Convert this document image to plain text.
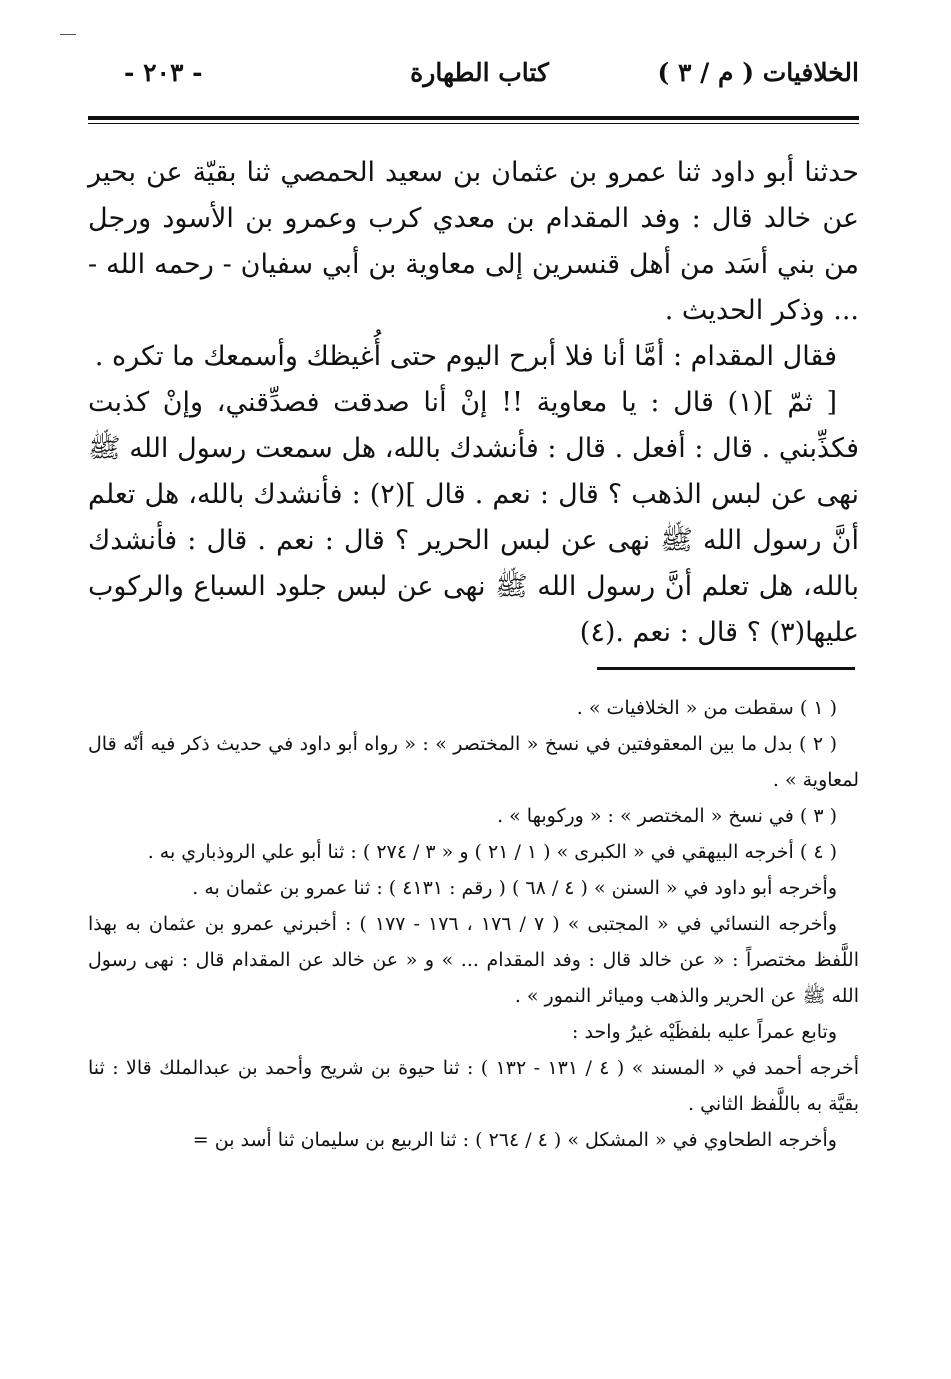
الخلافيات ( م / ٣ )
كتاب الطهارة
- ٢٠٣ -

حدثنا أبو داود ثنا عمرو بن عثمان بن سعيد الحمصي ثنا بقيّة عن بحير عن خالد قال : وفد المقدام بن معدي كرب وعمرو بن الأسود ورجل من بني أسَد من أهل قنسرين إلى معاوية بن أبي سفيان - رحمه الله - ... وذكر الحديث .

فقال المقدام : أمَّا أنا فلا أبرح اليوم حتى أُغيظك وأسمعك ما تكره .

[ ثمّ ](١) قال : يا معاوية !! إنْ أنا صدقت فصدِّقني، وإنْ كذبت فكذِّبني . قال : أفعل . قال : فأنشدك بالله، هل سمعت رسول الله ﷺ نهى عن لبس الذهب ؟ قال : نعم . قال ](٢) : فأنشدك بالله، هل تعلم أنَّ رسول الله ﷺ نهى عن لبس الحرير ؟ قال : نعم . قال : فأنشدك بالله، هل تعلم أنَّ رسول الله ﷺ نهى عن لبس جلود السباع والركوب عليها(٣) ؟ قال : نعم .(٤)

( ١ ) سقطت من « الخلافيات » .

( ٢ ) بدل ما بين المعقوفتين في نسخ « المختصر » : « رواه أبو داود في حديث ذكر فيه أنّه قال لمعاوية » .

( ٣ ) في نسخ « المختصر » : « وركوبها » .

( ٤ ) أخرجه البيهقي في « الكبرى » ( ١ / ٢١ ) و « ٣ / ٢٧٤ ) : ثنا أبو علي الروذباري به .

وأخرجه أبو داود في « السنن » ( ٤ / ٦٨ ) ( رقم : ٤١٣١ ) : ثنا عمرو بن عثمان به .

وأخرجه النسائي في « المجتبى » ( ٧ / ١٧٦ ، ١٧٦ - ١٧٧ ) : أخبرني عمرو بن عثمان به بهذا اللَّفظ مختصراً : « عن خالد قال : وفد المقدام ... » و « عن خالد عن المقدام قال : نهى رسول الله ﷺ عن الحرير والذهب وميائر النمور » .

وتابع عمراً عليه بلفظَيْه غيرُ واحد :

أخرجه أحمد في « المسند » ( ٤ / ١٣١ - ١٣٢ ) : ثنا حيوة بن شريح وأحمد بن عبدالملك قالا : ثنا بقيَّة به باللَّفظ الثاني .

وأخرجه الطحاوي في « المشكل » ( ٤ / ٢٦٤ ) : ثنا الربيع بن سليمان ثنا أسد بن =
